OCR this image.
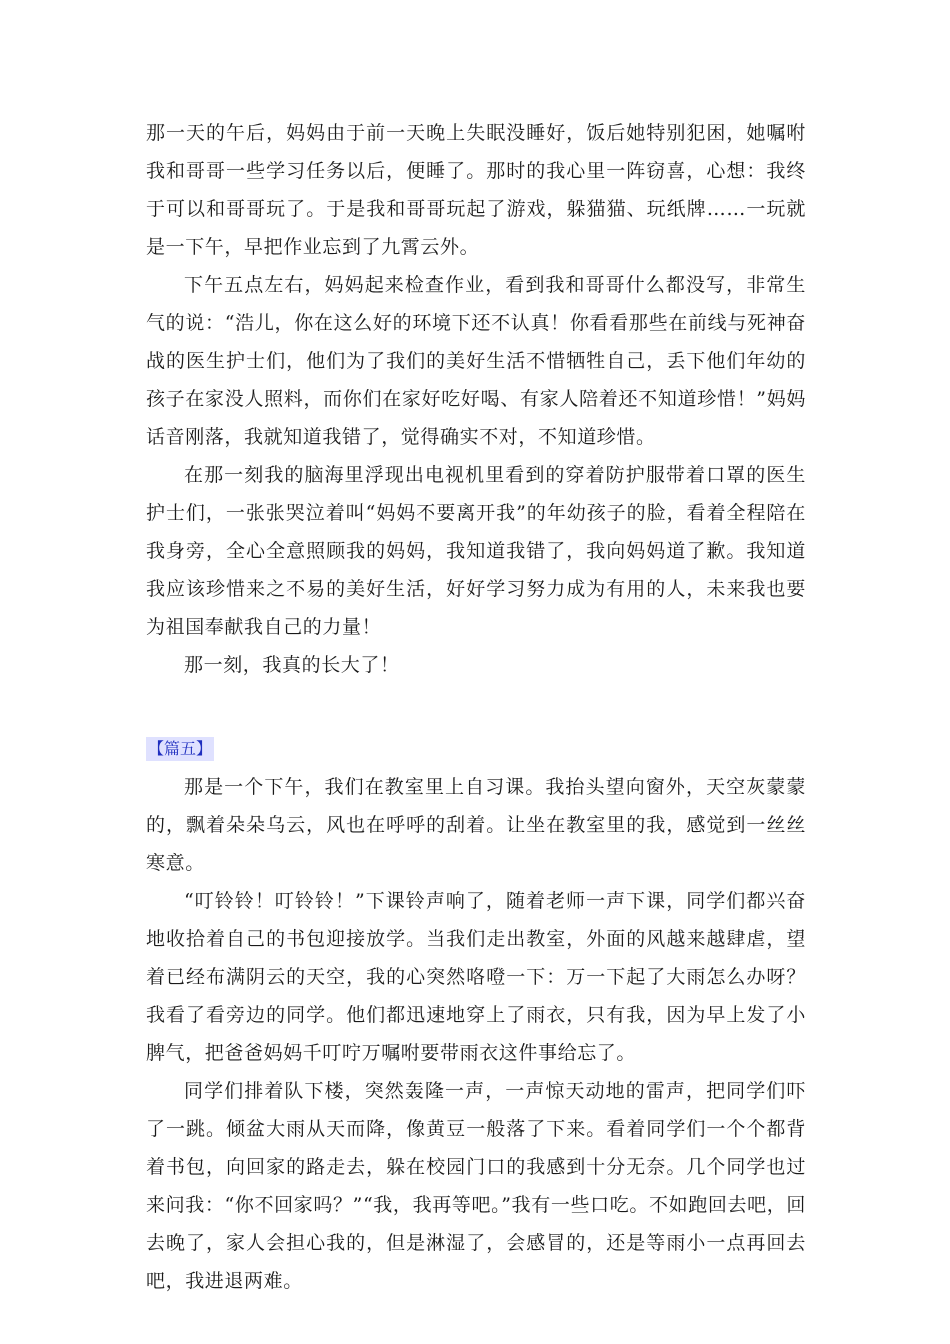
那一天的午后，妈妈由于前一天晚上失眠没睡好，饭后她特别犯困，她嘱咐我和哥哥一些学习任务以后，便睡了。那时的我心里一阵窃喜，心想：我终于可以和哥哥玩了。于是我和哥哥玩起了游戏，躲猫猫、玩纸牌……一玩就是一下午，早把作业忘到了九霄云外。

下午五点左右，妈妈起来检查作业，看到我和哥哥什么都没写，非常生气的说：“浩儿，你在这么好的环境下还不认真！你看看那些在前线与死神奋战的医生护士们，他们为了我们的美好生活不惜牺牲自己，丢下他们年幼的孩子在家没人照料，而你们在家好吃好喝、有家人陪着还不知道珍惜！”妈妈话音刚落，我就知道我错了，觉得确实不对，不知道珍惜。

在那一刻我的脑海里浮现出电视机里看到的穿着防护服带着口罩的医生护士们，一张张哭泣着叫“妈妈不要离开我”的年幼孩子的脸，看着全程陪在我身旁，全心全意照顾我的妈妈，我知道我错了，我向妈妈道了歉。我知道我应该珍惜来之不易的美好生活，好好学习努力成为有用的人，未来我也要为祖国奉献我自己的力量！

那一刻，我真的长大了！

【篇五】

那是一个下午，我们在教室里上自习课。我抬头望向窗外，天空灰蒙蒙的，飘着朵朵乌云，风也在呼呼的刮着。让坐在教室里的我，感觉到一丝丝寒意。

“叮铃铃！叮铃铃！”下课铃声响了，随着老师一声下课，同学们都兴奋地收拾着自己的书包迎接放学。当我们走出教室，外面的风越来越肆虐，望着已经布满阴云的天空，我的心突然咯噔一下：万一下起了大雨怎么办呀？我看了看旁边的同学。他们都迅速地穿上了雨衣，只有我，因为早上发了小脾气，把爸爸妈妈千叮咛万嘱咐要带雨衣这件事给忘了。

同学们排着队下楼，突然轰隆一声，一声惊天动地的雷声，把同学们吓了一跳。倾盆大雨从天而降，像黄豆一般落了下来。看着同学们一个个都背着书包，向回家的路走去，躲在校园门口的我感到十分无奈。几个同学也过来问我：“你不回家吗？”“我，我再等吧。”我有一些口吃。不如跑回去吧，回去晚了，家人会担心我的，但是淋湿了，会感冒的，还是等雨小一点再回去吧，我进退两难。
